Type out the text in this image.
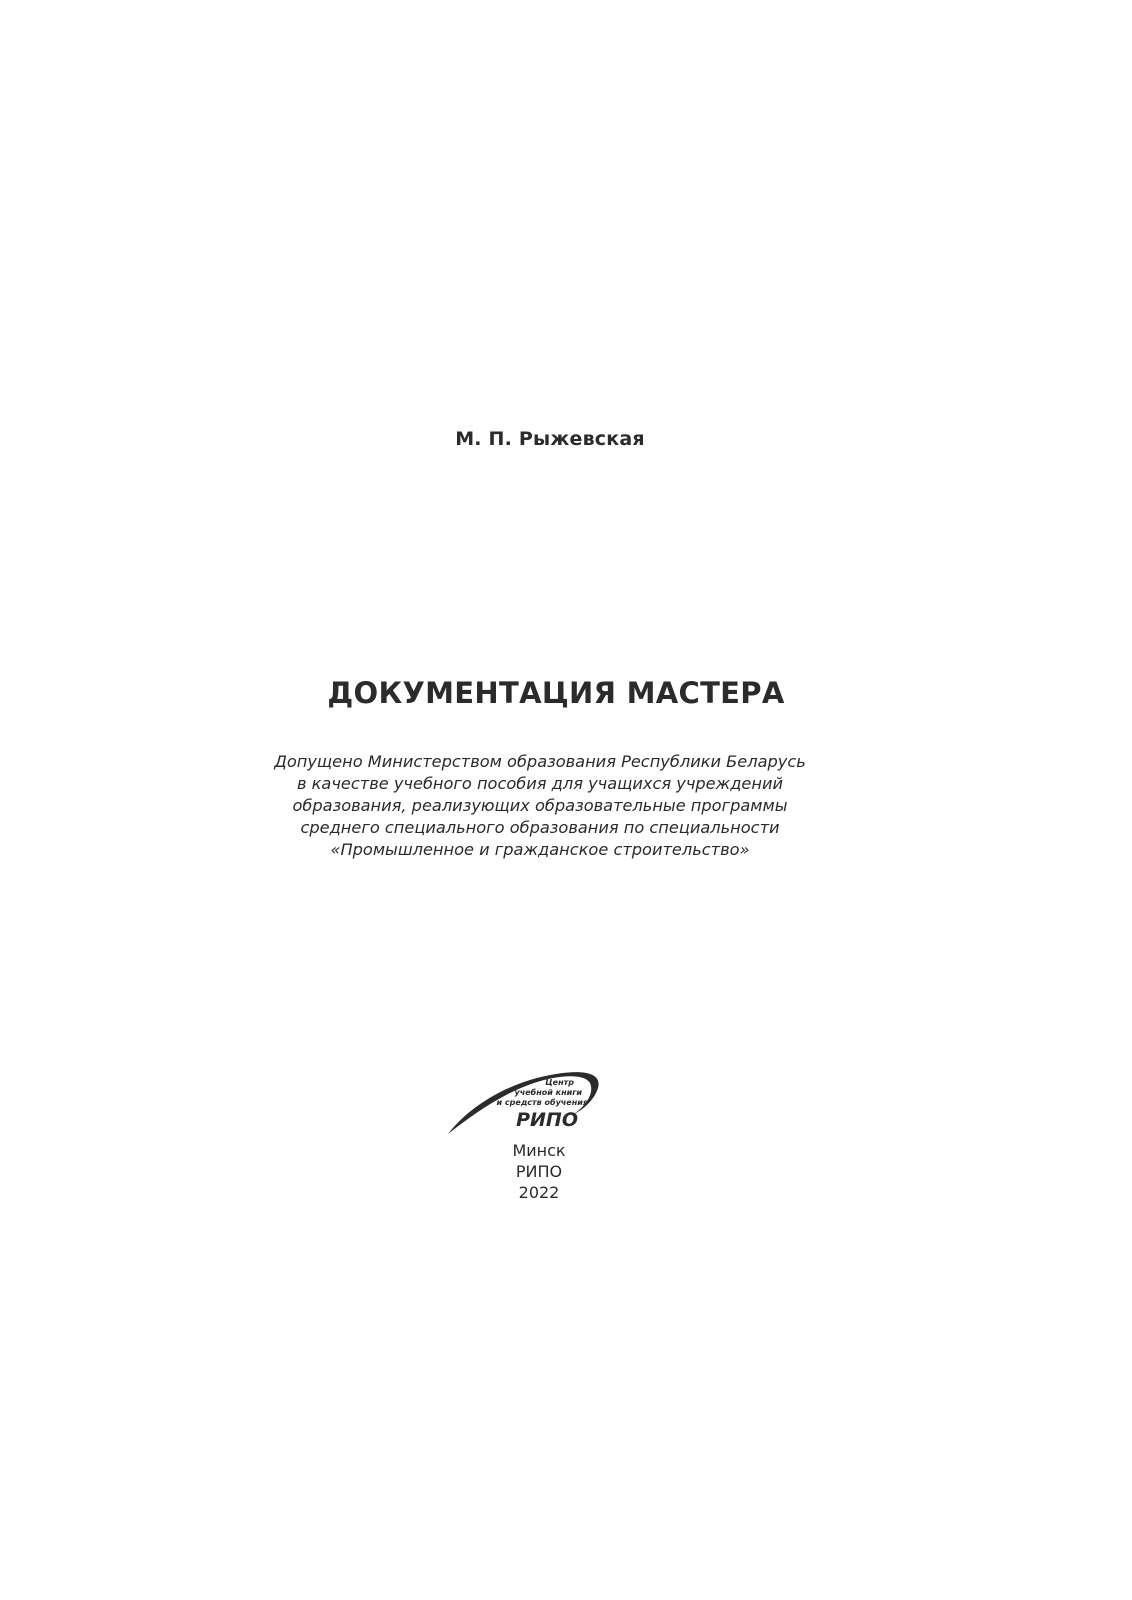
М. П. Рыжевская
ДОКУМЕНТАЦИЯ МАСТЕРА
Допущено Министерством образования Республики Беларусь
в качестве учебного пособия для учащихся учреждений
образования, реализующих образовательные программы
среднего специального образования по специальности
«Промышленное и гражданское строительство»
Центр
учебной книги
и средств обучения
РИПО
Минск
РИПО
2022
